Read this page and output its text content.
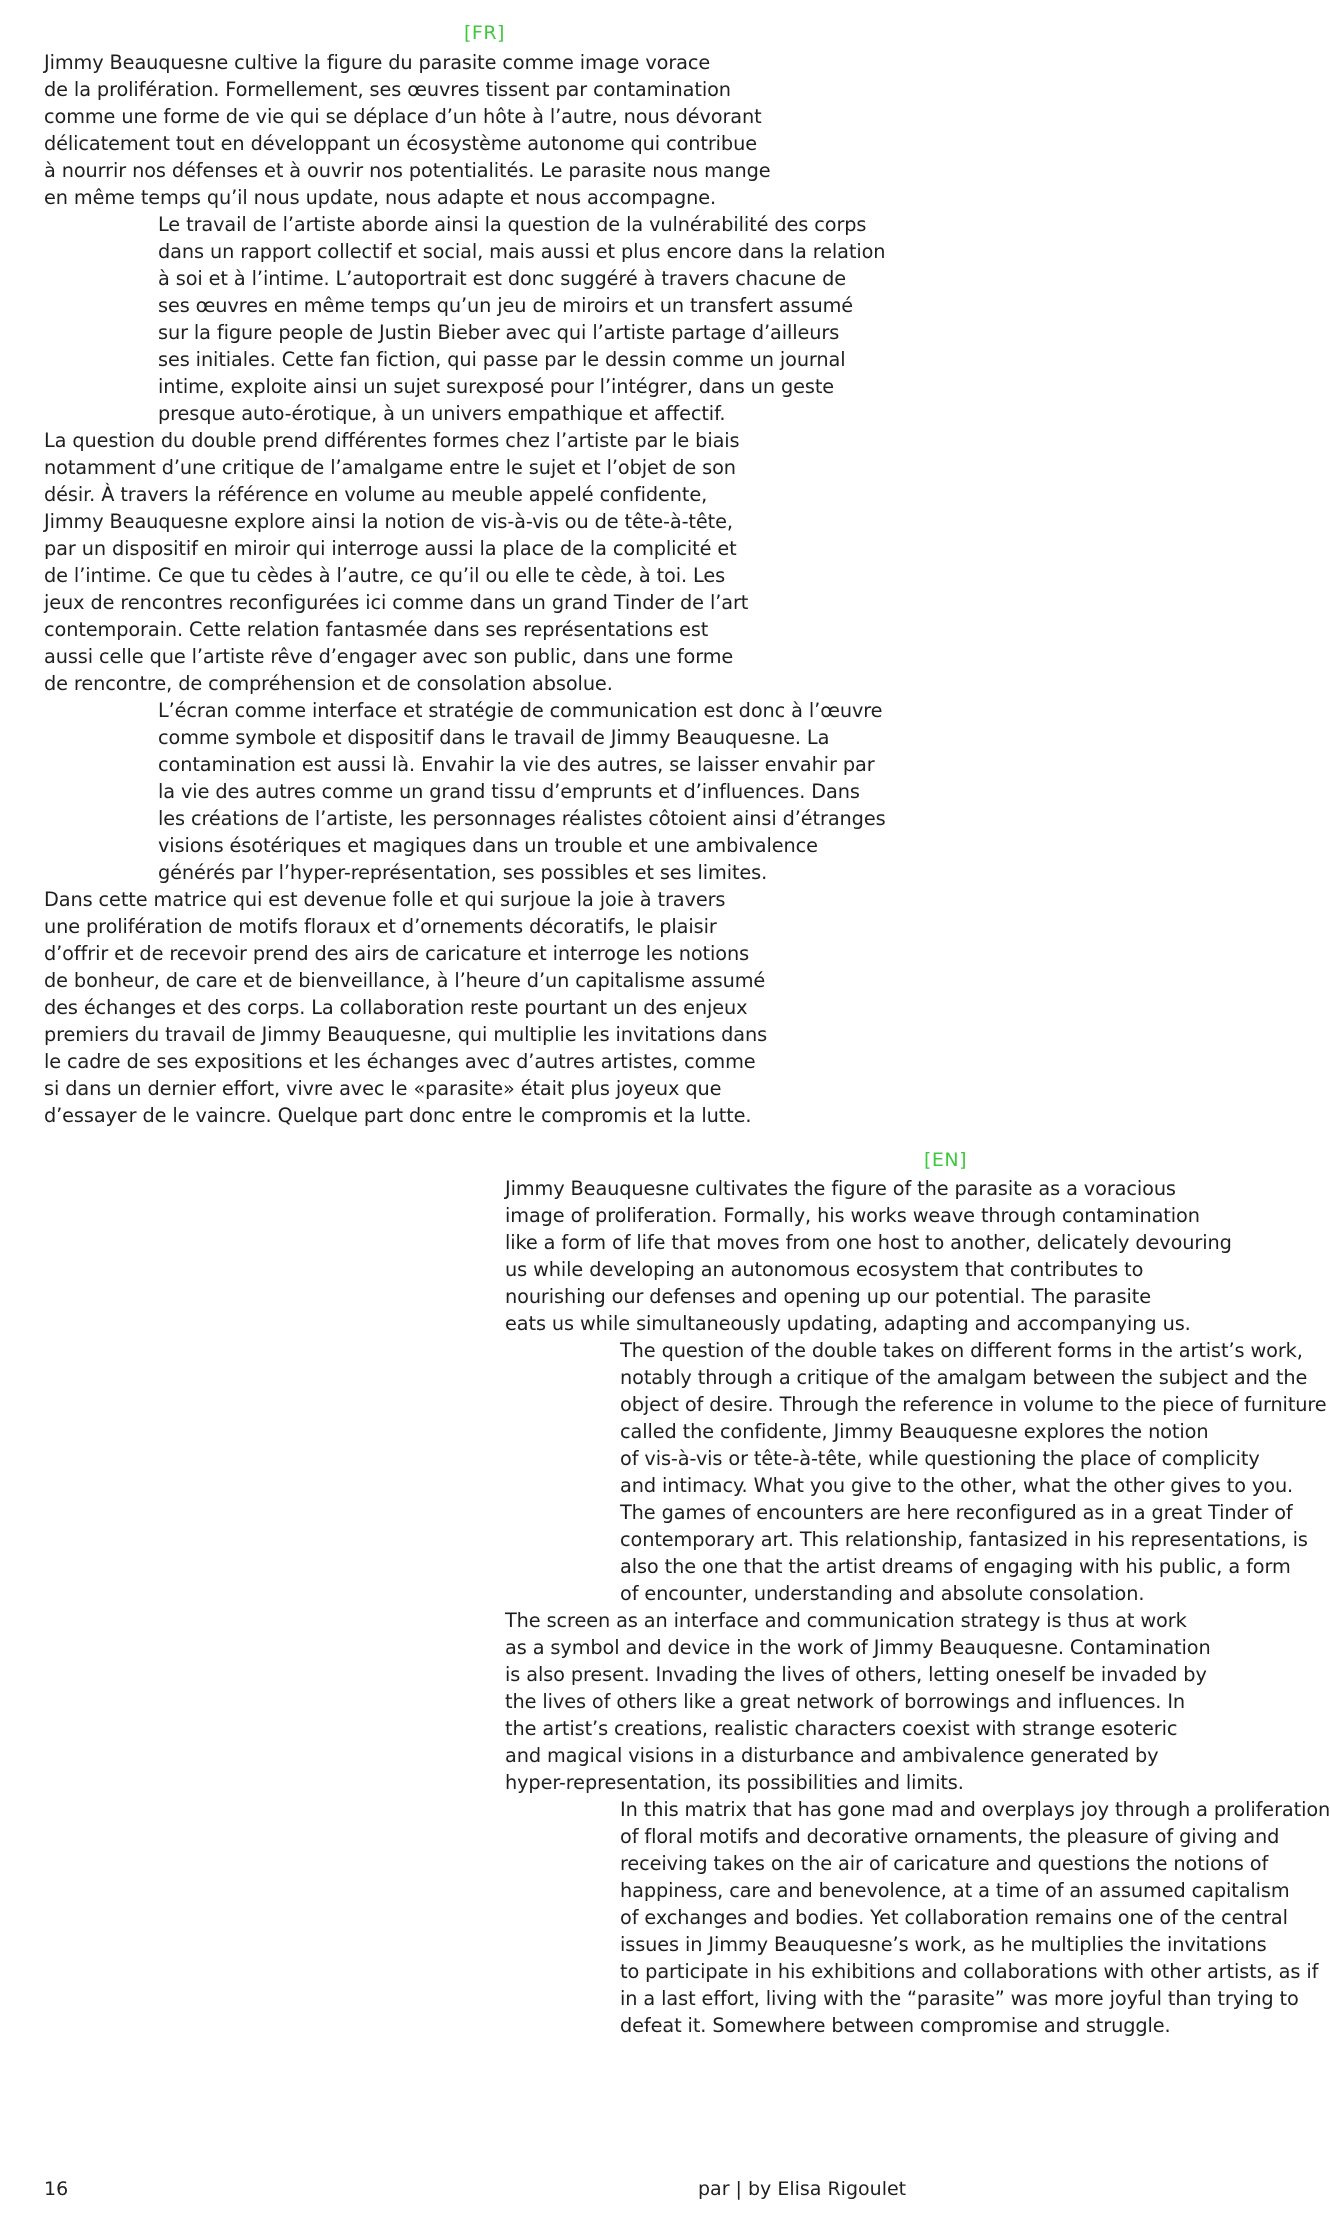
[FR]
Jimmy Beauquesne cultive la figure du parasite comme image vorace
de la prolifération. Formellement, ses œuvres tissent par contamination
comme une forme de vie qui se déplace d’un hôte à l’autre, nous dévorant
délicatement tout en développant un écosystème autonome qui contribue
à nourrir nos défenses et à ouvrir nos potentialités. Le parasite nous mange
en même temps qu’il nous update, nous adapte et nous accompagne.
Le travail de l’artiste aborde ainsi la question de la vulnérabilité des corps
dans un rapport collectif et social, mais aussi et plus encore dans la relation
à soi et à l’intime. L’autoportrait est donc suggéré à travers chacune de
ses œuvres en même temps qu’un jeu de miroirs et un transfert assumé
sur la figure people de Justin Bieber avec qui l’artiste partage d’ailleurs
ses initiales. Cette fan fiction, qui passe par le dessin comme un journal
intime, exploite ainsi un sujet surexposé pour l’intégrer, dans un geste
presque auto-érotique, à un univers empathique et affectif.
La question du double prend différentes formes chez l’artiste par le biais
notamment d’une critique de l’amalgame entre le sujet et l’objet de son
désir. À travers la référence en volume au meuble appelé confidente,
Jimmy Beauquesne explore ainsi la notion de vis-à-vis ou de tête-à-tête,
par un dispositif en miroir qui interroge aussi la place de la complicité et
de l’intime. Ce que tu cèdes à l’autre, ce qu’il ou elle te cède, à toi. Les
jeux de rencontres reconfigurées ici comme dans un grand Tinder de l’art
contemporain. Cette relation fantasmée dans ses représentations est
aussi celle que l’artiste rêve d’engager avec son public, dans une forme
de rencontre, de compréhension et de consolation absolue.
L’écran comme interface et stratégie de communication est donc à l’œuvre
comme symbole et dispositif dans le travail de Jimmy Beauquesne. La
contamination est aussi là. Envahir la vie des autres, se laisser envahir par
la vie des autres comme un grand tissu d’emprunts et d’influences. Dans
les créations de l’artiste, les personnages réalistes côtoient ainsi d’étranges
visions ésotériques et magiques dans un trouble et une ambivalence
générés par l’hyper-représentation, ses possibles et ses limites.
Dans cette matrice qui est devenue folle et qui surjoue la joie à travers
une prolifération de motifs floraux et d’ornements décoratifs, le plaisir
d’offrir et de recevoir prend des airs de caricature et interroge les notions
de bonheur, de care et de bienveillance, à l’heure d’un capitalisme assumé
des échanges et des corps. La collaboration reste pourtant un des enjeux
premiers du travail de Jimmy Beauquesne, qui multiplie les invitations dans
le cadre de ses expositions et les échanges avec d’autres artistes, comme
si dans un dernier effort, vivre avec le «parasite» était plus joyeux que
d’essayer de le vaincre. Quelque part donc entre le compromis et la lutte.
[EN]
Jimmy Beauquesne cultivates the figure of the parasite as a voracious
image of proliferation. Formally, his works weave through contamination
like a form of life that moves from one host to another, delicately devouring
us while developing an autonomous ecosystem that contributes to
nourishing our defenses and opening up our potential. The parasite
eats us while simultaneously updating, adapting and accompanying us.
The question of the double takes on different forms in the artist’s work,
notably through a critique of the amalgam between the subject and the
object of desire. Through the reference in volume to the piece of furniture
called the confidente, Jimmy Beauquesne explores the notion
of vis-à-vis or tête-à-tête, while questioning the place of complicity
and intimacy. What you give to the other, what the other gives to you.
The games of encounters are here reconfigured as in a great Tinder of
contemporary art. This relationship, fantasized in his representations, is
also the one that the artist dreams of engaging with his public, a form
of encounter, understanding and absolute consolation.
The screen as an interface and communication strategy is thus at work
as a symbol and device in the work of Jimmy Beauquesne. Contamination
is also present. Invading the lives of others, letting oneself be invaded by
the lives of others like a great network of borrowings and influences. In
the artist’s creations, realistic characters coexist with strange esoteric
and magical visions in a disturbance and ambivalence generated by
hyper-representation, its possibilities and limits.
In this matrix that has gone mad and overplays joy through a proliferation
of floral motifs and decorative ornaments, the pleasure of giving and
receiving takes on the air of caricature and questions the notions of
happiness, care and benevolence, at a time of an assumed capitalism
of exchanges and bodies. Yet collaboration remains one of the central
issues in Jimmy Beauquesne’s work, as he multiplies the invitations
to participate in his exhibitions and collaborations with other artists, as if
in a last effort, living with the “parasite” was more joyful than trying to
defeat it. Somewhere between compromise and struggle.
16	par | by Elisa Rigoulet
